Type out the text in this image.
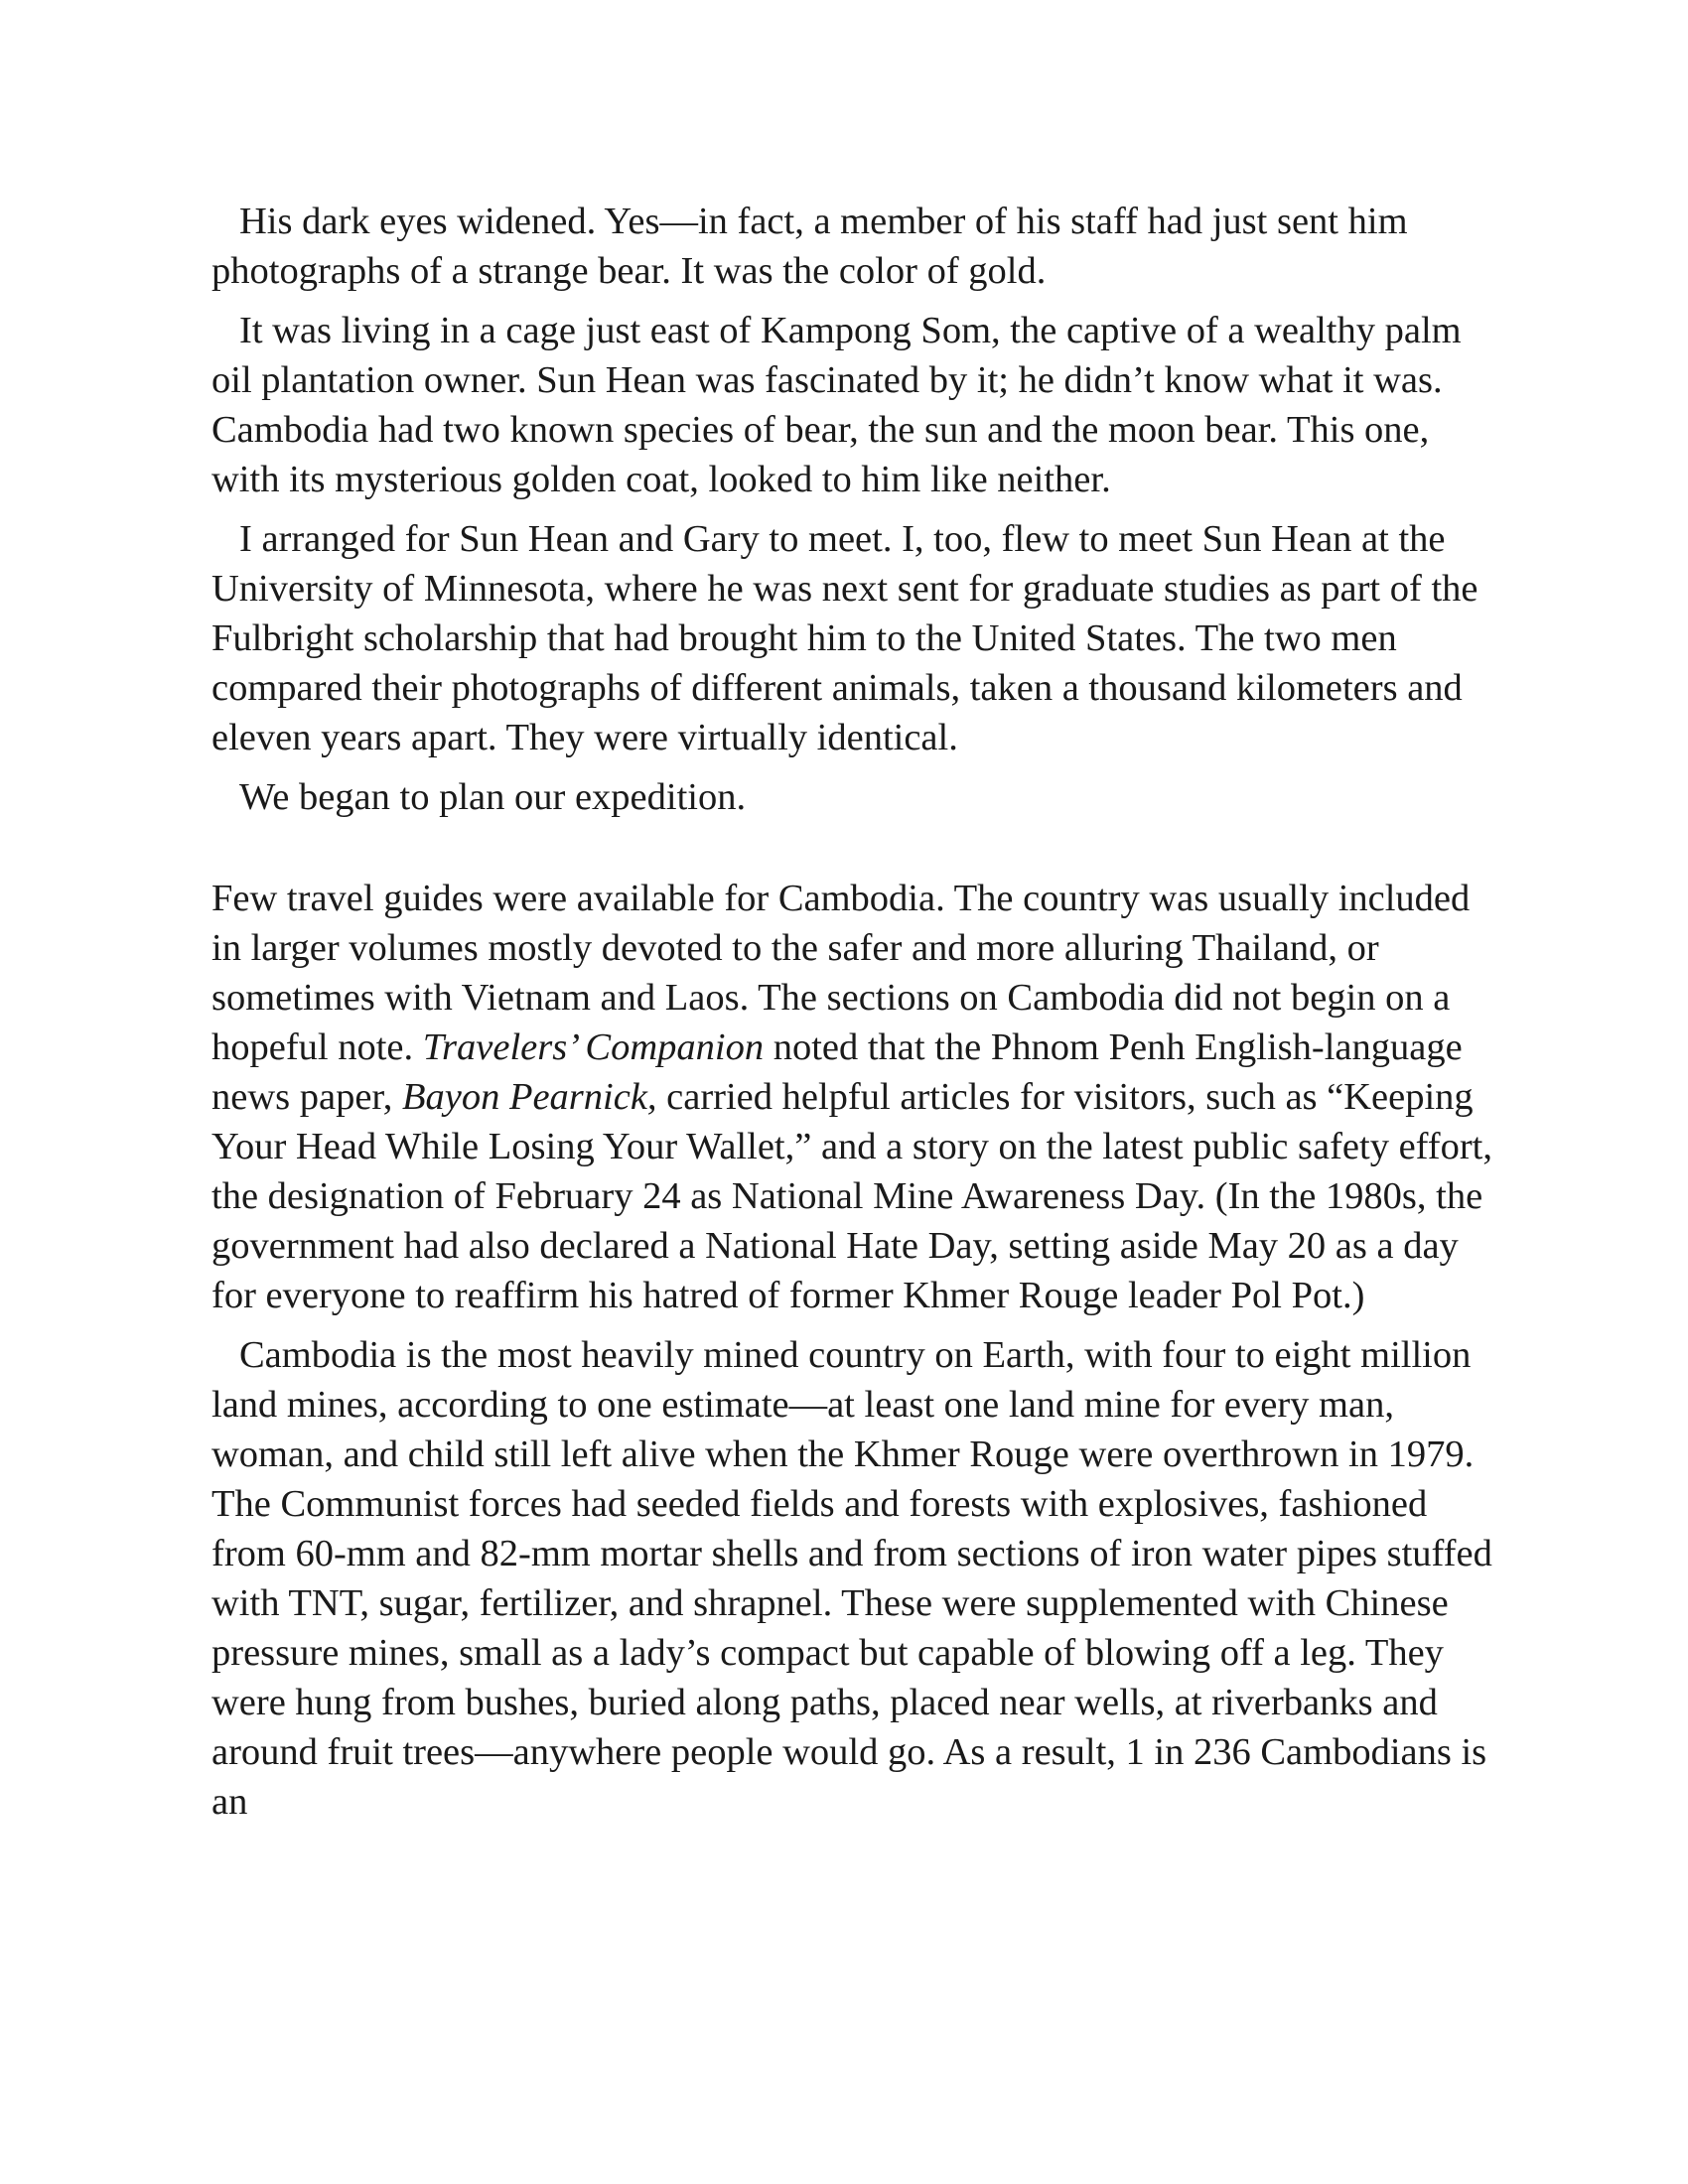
His dark eyes widened. Yes—in fact, a member of his staff had just sent him photographs of a strange bear. It was the color of gold.

It was living in a cage just east of Kampong Som, the captive of a wealthy palm oil plantation owner. Sun Hean was fascinated by it; he didn’t know what it was. Cambodia had two known species of bear, the sun and the moon bear. This one, with its mysterious golden coat, looked to him like neither.

I arranged for Sun Hean and Gary to meet. I, too, flew to meet Sun Hean at the University of Minnesota, where he was next sent for graduate studies as part of the Fulbright scholarship that had brought him to the United States. The two men compared their photographs of different animals, taken a thousand kilometers and eleven years apart. They were virtually identical.

We began to plan our expedition.

Few travel guides were available for Cambodia. The country was usually included in larger volumes mostly devoted to the safer and more alluring Thailand, or sometimes with Vietnam and Laos. The sections on Cambodia did not begin on a hopeful note. Travelers’ Companion noted that the Phnom Penh English-language news paper, Bayon Pearnick, carried helpful articles for visitors, such as “Keeping Your Head While Losing Your Wallet,” and a story on the latest public safety effort, the designation of February 24 as National Mine Awareness Day. (In the 1980s, the government had also declared a National Hate Day, setting aside May 20 as a day for everyone to reaffirm his hatred of former Khmer Rouge leader Pol Pot.)

Cambodia is the most heavily mined country on Earth, with four to eight million land mines, according to one estimate—at least one land mine for every man, woman, and child still left alive when the Khmer Rouge were overthrown in 1979. The Communist forces had seeded fields and forests with explosives, fashioned from 60-mm and 82-mm mortar shells and from sections of iron water pipes stuffed with TNT, sugar, fertilizer, and shrapnel. These were supplemented with Chinese pressure mines, small as a lady’s compact but capable of blowing off a leg. They were hung from bushes, buried along paths, placed near wells, at riverbanks and around fruit trees—anywhere people would go. As a result, 1 in 236 Cambodians is an
